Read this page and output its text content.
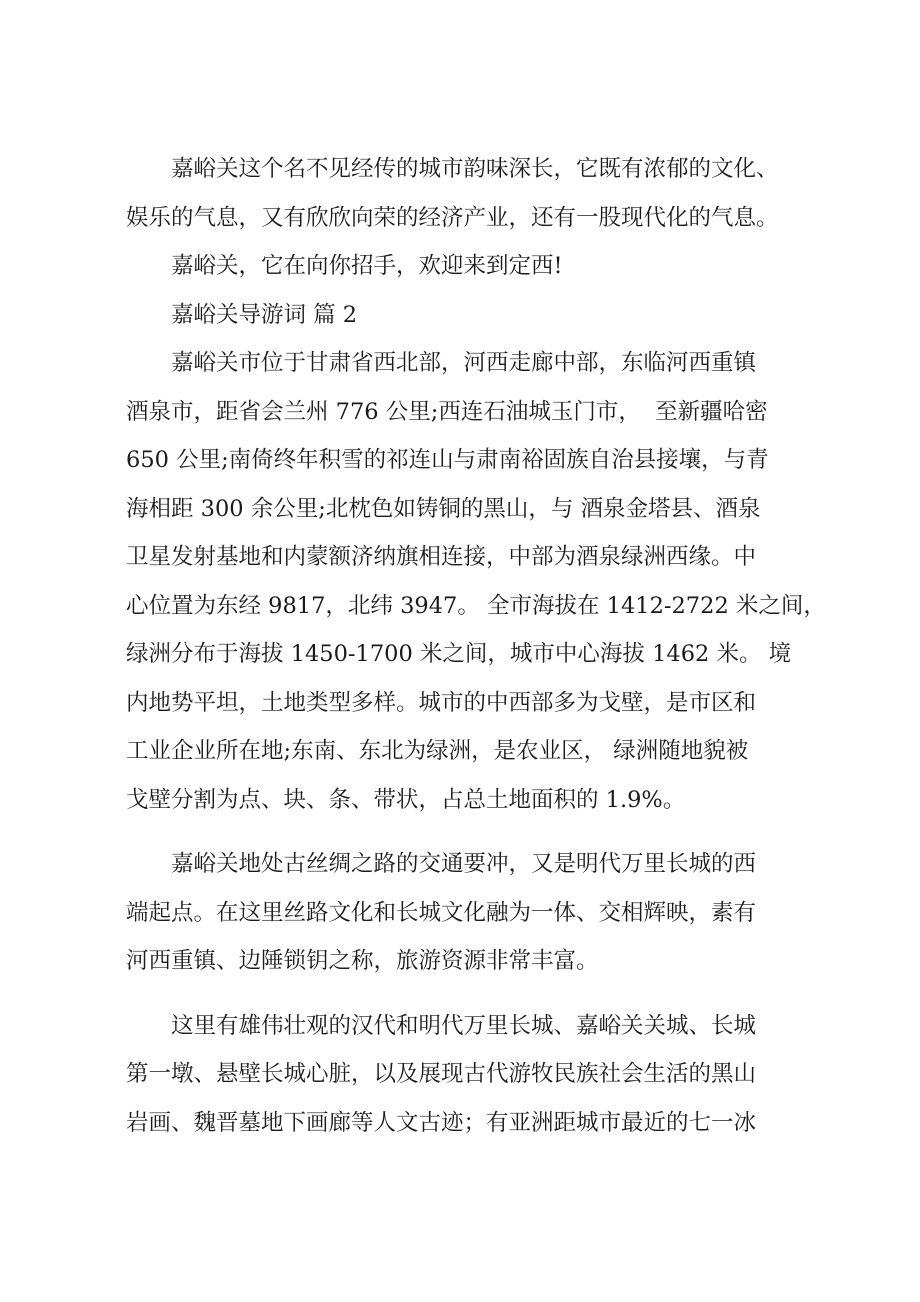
嘉峪关这个名不见经传的城市韵味深长，它既有浓郁的文化、
娱乐的气息，又有欣欣向荣的经济产业，还有一股现代化的气息。

嘉峪关，它在向你招手，欢迎来到定西!

嘉峪关导游词 篇 2

嘉峪关市位于甘肃省西北部，河西走廊中部，东临河西重镇
酒泉市，距省会兰州 776 公里;西连石油城玉门市，  至新疆哈密
650 公里;南倚终年积雪的祁连山与肃南裕固族自治县接壤，与青
海相距 300 余公里;北枕色如铸铜的黑山，与 酒泉金塔县、酒泉
卫星发射基地和内蒙额济纳旗相连接，中部为酒泉绿洲西缘。中
心位置为东经 9817，北纬 3947。 全市海拔在 1412-2722 米之间，
绿洲分布于海拔 1450-1700 米之间，城市中心海拔 1462 米。 境
内地势平坦，土地类型多样。城市的中西部多为戈壁，是市区和
工业企业所在地;东南、东北为绿洲，是农业区， 绿洲随地貌被
戈壁分割为点、块、条、带状，占总土地面积的 1.9%。

嘉峪关地处古丝绸之路的交通要冲，又是明代万里长城的西
端起点。在这里丝路文化和长城文化融为一体、交相辉映，素有
河西重镇、边陲锁钥之称，旅游资源非常丰富。

这里有雄伟壮观的汉代和明代万里长城、嘉峪关关城、长城
第一墩、悬壁长城心脏，以及展现古代游牧民族社会生活的黑山
岩画、魏晋墓地下画廊等人文古迹；有亚洲距城市最近的七一冰
